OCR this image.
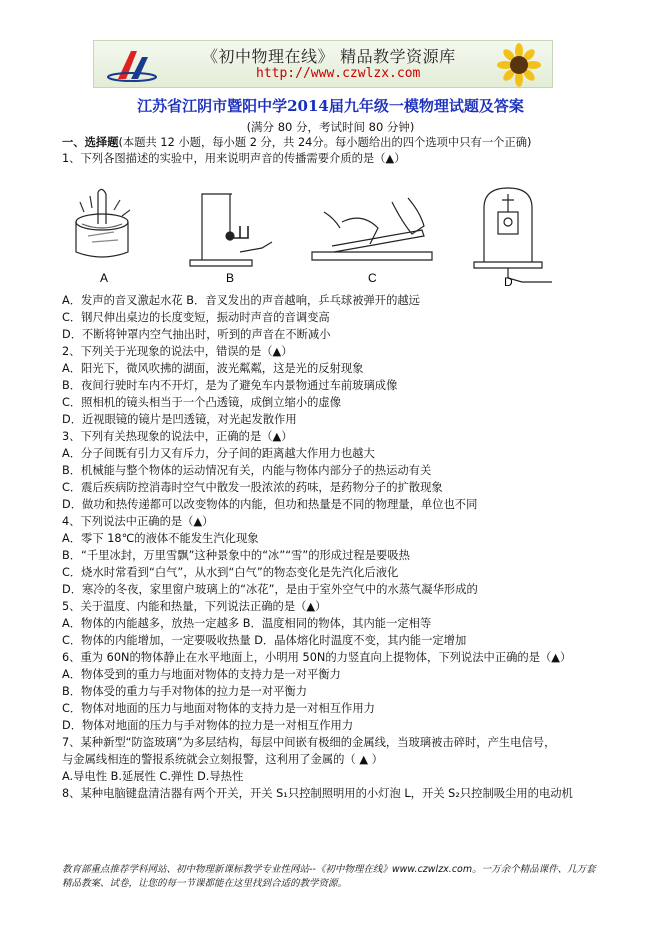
《初中物理在线》 精品教学资源库
http://www.czwlzx.com
江苏省江阴市暨阳中学2014届九年级一模物理试题及答案
(满分 80 分，考试时间 80 分钟)
一、选择题(本题共 12 小题，每小题 2 分，共 24分。每小题给出的四个选项中只有一个正确)
1、下列各图描述的实验中，用来说明声音的传播需要介质的是（▲）
A	B	C	D
A．发声的音叉激起水花 B．音叉发出的声音越响，乒乓球被弹开的越远
C．钢尺伸出桌边的长度变短，振动时声音的音调变高
D．不断将钟罩内空气抽出时，听到的声音在不断减小
2、下列关于光现象的说法中，错误的是（▲）
A．阳光下，微风吹拂的湖面，波光粼粼，这是光的反射现象
B．夜间行驶时车内不开灯，是为了避免车内景物通过车前玻璃成像
C．照相机的镜头相当于一个凸透镜，成倒立缩小的虚像
D．近视眼镜的镜片是凹透镜，对光起发散作用
3、下列有关热现象的说法中，正确的是（▲）
A．分子间既有引力又有斥力，分子间的距离越大作用力也越大
B．机械能与整个物体的运动情况有关，内能与物体内部分子的热运动有关
C．震后疾病防控消毒时空气中散发一股浓浓的药味，是药物分子的扩散现象
D．做功和热传递都可以改变物体的内能，但功和热量是不同的物理量，单位也不同
4、下列说法中正确的是（▲）
A．零下 18℃的液体不能发生汽化现象
B．“千里冰封，万里雪飘”这种景象中的“冰”“雪”的形成过程是要吸热
C．烧水时常看到“白气”，从水到“白气”的物态变化是先汽化后液化
D．寒冷的冬夜，家里窗户玻璃上的“冰花”，是由于室外空气中的水蒸气凝华形成的
5、关于温度、内能和热量，下列说法正确的是（▲）
A．物体的内能越多，放热一定越多 B．温度相同的物体，其内能一定相等
C．物体的内能增加，一定要吸收热量 D．晶体熔化时温度不变，其内能一定增加
6、重为 60N的物体静止在水平地面上，小明用 50N的力竖直向上提物体，下列说法中正确的是（▲）
A．物体受到的重力与地面对物体的支持力是一对平衡力
B．物体受的重力与手对物体的拉力是一对平衡力
C．物体对地面的压力与地面对物体的支持力是一对相互作用力
D．物体对地面的压力与手对物体的拉力是一对相互作用力
7、某种新型“防盗玻璃”为多层结构，每层中间嵌有极细的金属线，当玻璃被击碎时，产生电信号，
与金属线相连的警报系统就会立刻报警，这利用了金属的（ ▲ ）
A.导电性 B.延展性 C.弹性 D.导热性
8、某种电脑键盘清洁器有两个开关，开关 S₁只控制照明用的小灯泡 L，开关 S₂只控制吸尘用的电动机
教育部重点推荐学科网站、初中物理新课标教学专业性网站--《初中物理在线》www.czwlzx.com。一万余个精品课件、几万套精品教案、试卷，让您的每一节课都能在这里找到合适的教学资源。
